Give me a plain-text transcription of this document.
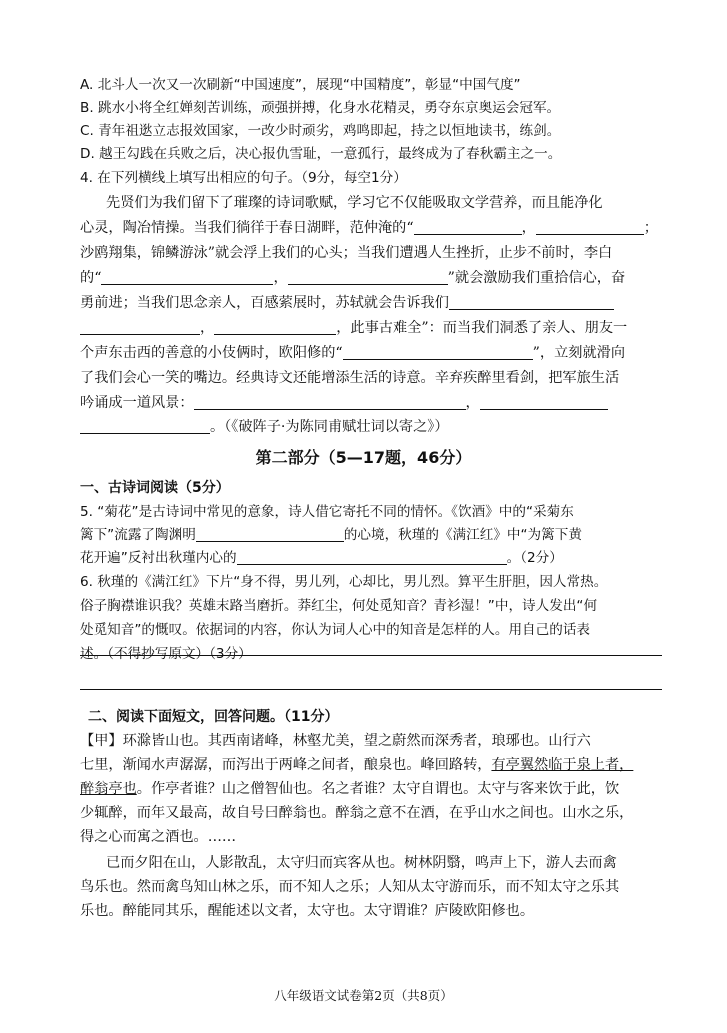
A. 北斗人一次又一次刷新“中国速度”，展现“中国精度”，彰显“中国气度”
B. 跳水小将全红婵刻苦训练，顽强拼搏，化身水花精灵，勇夺东京奥运会冠军。
C. 青年祖逖立志报效国家，一改少时顽劣，鸡鸣即起，持之以恒地读书，练剑。
D. 越王勾践在兵败之后，决心报仇雪耻，一意孤行，最终成为了春秋霸主之一。
4. 在下列横线上填写出相应的句子。（9分，每空1分）
先贤们为我们留下了璀璨的诗词歌赋，学习它不仅能吸取文学营养，而且能净化
心灵，陶冶情操。当我们徜徉于春日湖畔，范仲淹的“	，	；
沙鸥翔集，锦鳞游泳”就会浮上我们的心头；当我们遭遇人生挫折，止步不前时，李白
的“	，	”就会激励我们重拾信心，奋
勇前进；当我们思念亲人，百感萦展时，苏轼就会告诉我们
，	，此事古难全”：而当我们洞悉了亲人、朋友一
个声东击西的善意的小伎俩时，欧阳修的“	”，立刻就滑向
了我们会心一笑的嘴边。经典诗文还能增添生活的诗意。辛弃疾醉里看剑，把军旅生活
吟诵成一道风景：	，
。（《破阵子·为陈同甫赋壮词以寄之》）
第二部分（5—17题，46分）
一、古诗词阅读（5分）
5. “菊花”是古诗词中常见的意象，诗人借它寄托不同的情怀。《饮酒》中的“采菊东
篱下”流露了陶渊明	的心境，秋瑾的《满江红》中“为篱下黄
花开遍”反衬出秋瑾内心的	。（2分）
6. 秋瑾的《满江红》下片“身不得，男儿列，心却比，男儿烈。算平生肝胆，因人常热。
俗子胸襟谁识我？英雄末路当磨折。莽红尘，何处觅知音？青衫湿！”中，诗人发出“何
处觅知音”的慨叹。依据词的内容，你认为词人心中的知音是怎样的人。用自己的话表
述。（不得抄写原文）（3分）
二、阅读下面短文，回答问题。（11分）
【甲】环滁皆山也。其西南诸峰，林壑尤美，望之蔚然而深秀者，琅琊也。山行六
七里，渐闻水声潺潺，而泻出于两峰之间者，酿泉也。峰回路转，有亭翼然临于泉上者，
醉翁亭也。作亭者谁？山之僧智仙也。名之者谁？太守自谓也。太守与客来饮于此，饮
少辄醉，而年又最高，故自号曰醉翁也。醉翁之意不在酒，在乎山水之间也。山水之乐，
得之心而寓之酒也。……
已而夕阳在山，人影散乱，太守归而宾客从也。树林阴翳，鸣声上下，游人去而禽
鸟乐也。然而禽鸟知山林之乐，而不知人之乐；人知从太守游而乐，而不知太守之乐其
乐也。醉能同其乐，醒能述以文者，太守也。太守谓谁？庐陵欧阳修也。
八年级语文试卷第2页（共8页）
